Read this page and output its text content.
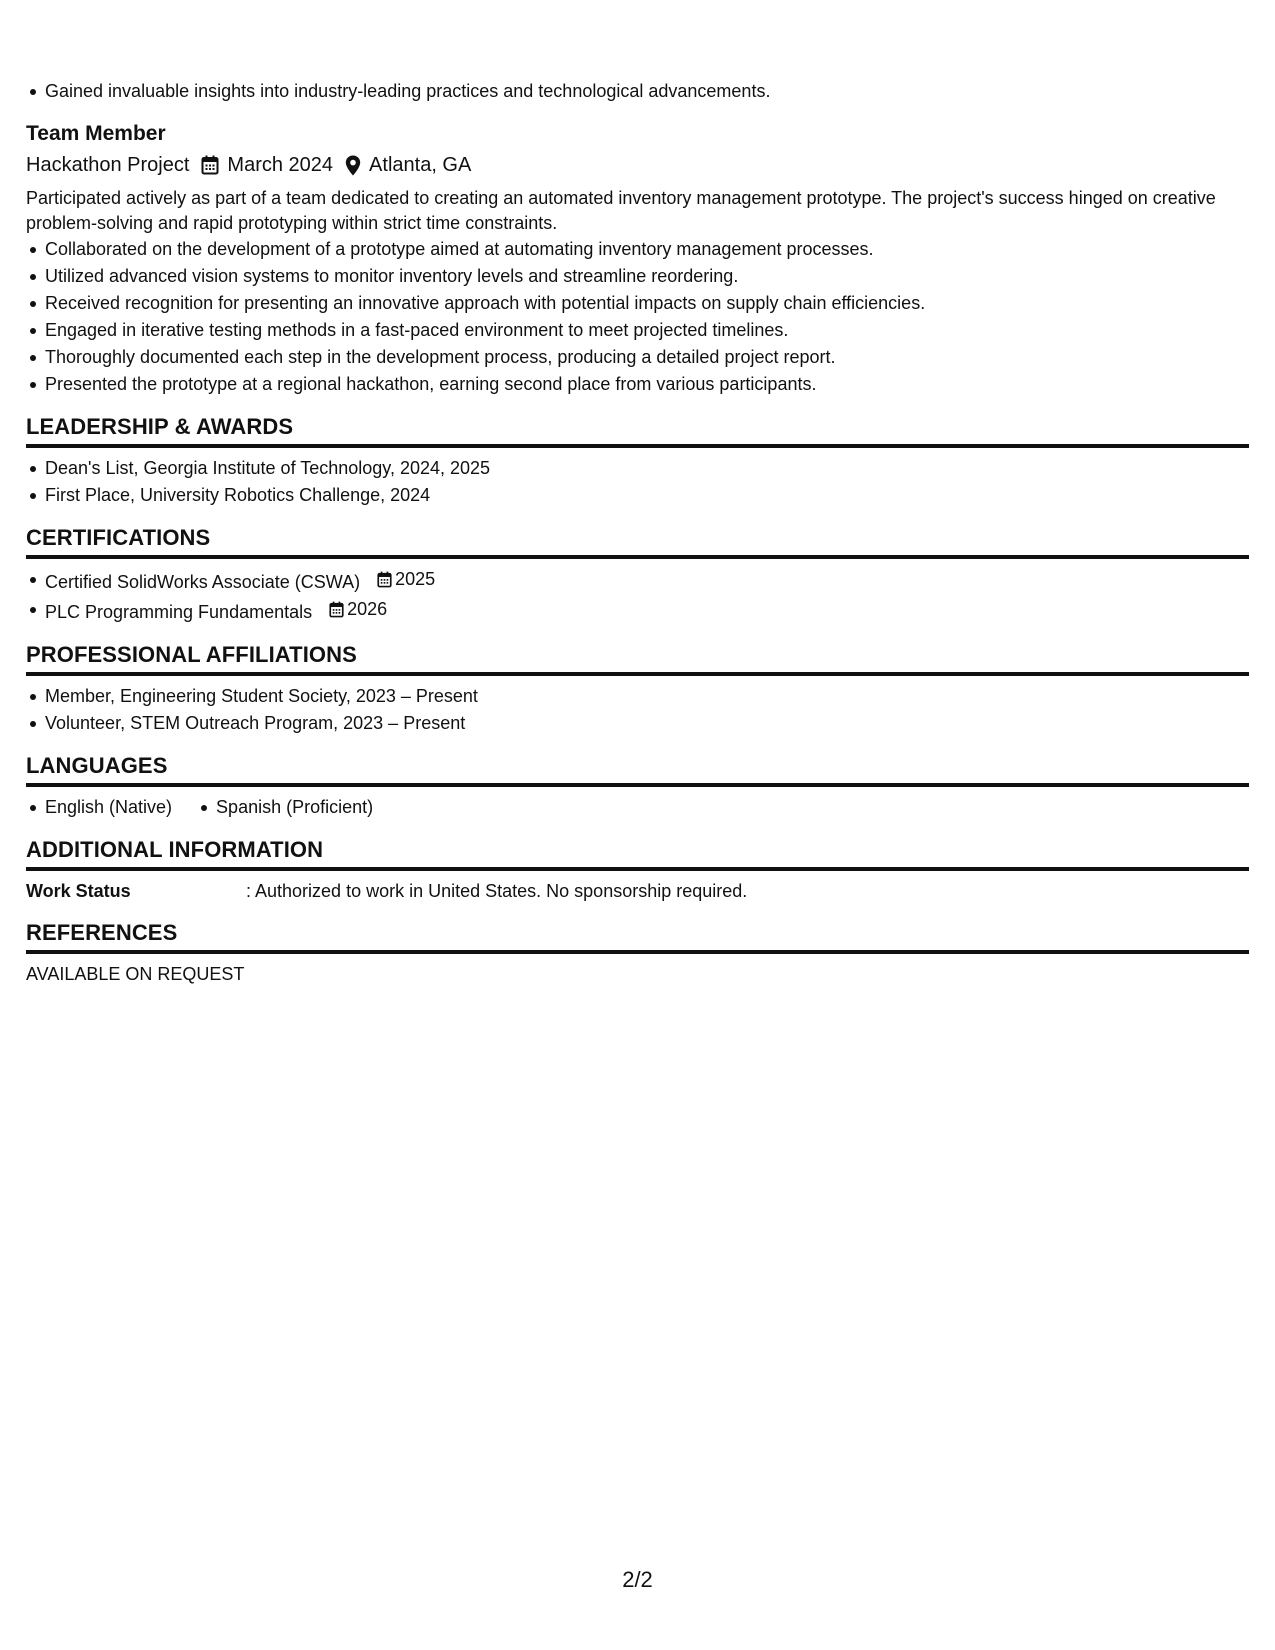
Gained invaluable insights into industry-leading practices and technological advancements.
Team Member
Hackathon Project March 2024 Atlanta, GA
Participated actively as part of a team dedicated to creating an automated inventory management prototype. The project's success hinged on creative problem-solving and rapid prototyping within strict time constraints.
Collaborated on the development of a prototype aimed at automating inventory management processes.
Utilized advanced vision systems to monitor inventory levels and streamline reordering.
Received recognition for presenting an innovative approach with potential impacts on supply chain efficiencies.
Engaged in iterative testing methods in a fast-paced environment to meet projected timelines.
Thoroughly documented each step in the development process, producing a detailed project report.
Presented the prototype at a regional hackathon, earning second place from various participants.
LEADERSHIP & AWARDS
Dean's List, Georgia Institute of Technology, 2024, 2025
First Place, University Robotics Challenge, 2024
CERTIFICATIONS
Certified SolidWorks Associate (CSWA) 2025
PLC Programming Fundamentals 2026
PROFESSIONAL AFFILIATIONS
Member, Engineering Student Society, 2023 – Present
Volunteer, STEM Outreach Program, 2023 – Present
LANGUAGES
English (Native) Spanish (Proficient)
ADDITIONAL INFORMATION
Work Status	: Authorized to work in United States. No sponsorship required.
REFERENCES
AVAILABLE ON REQUEST
2/2
